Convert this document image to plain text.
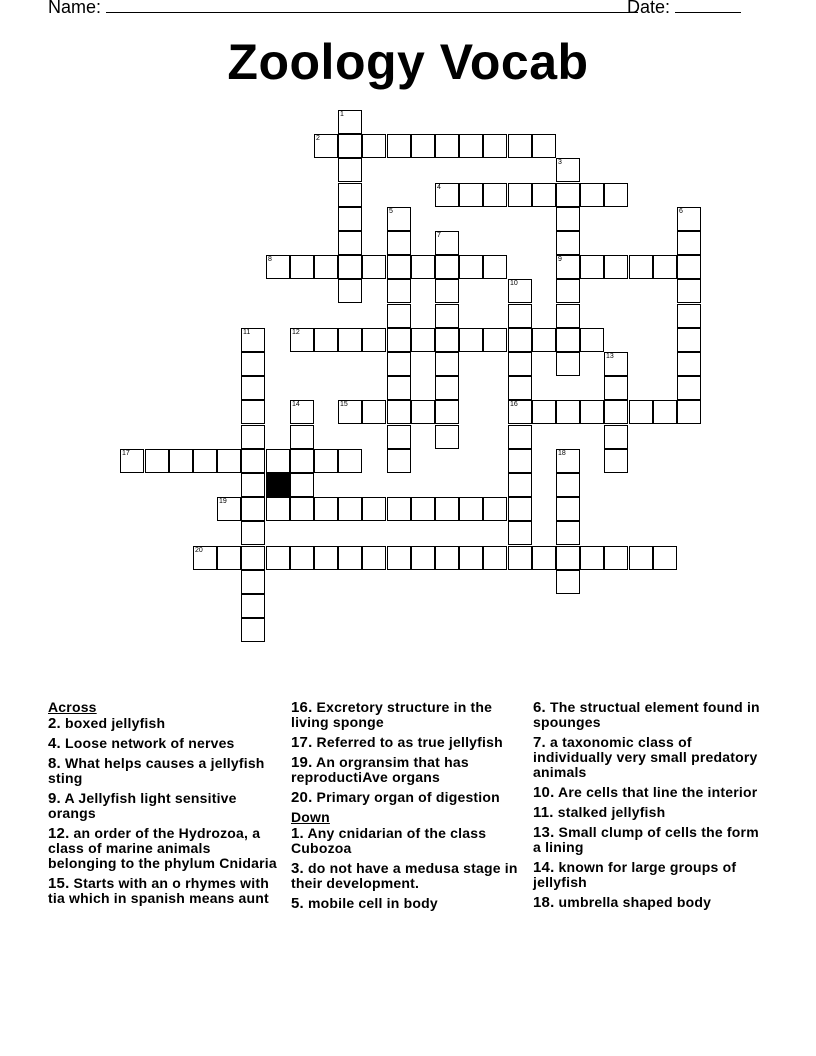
Name:	Date:
Zoology Vocab
2
4
8	9
12
15	16
17
19
20
1
3
5	6
7
10
11
13
14
18
Across
2. boxed jellyfish
4. Loose network of nerves
8. What helps causes a jellyfish sting
9. A Jellyfish light sensitive orangs
12. an order of the Hydrozoa, a class of marine animals belonging to the phylum Cnidaria
15. Starts with an o rhymes with tia which in spanish means aunt
16. Excretory structure in the living sponge
17. Referred to as true jellyfish
19. An orgransim that has reproductiAve organs
20. Primary organ of digestion
Down
1. Any cnidarian of the class Cubozoa
3. do not have a medusa stage in their development.
5. mobile cell in body
6. The structual element found in spounges
7. a taxonomic class of individually very small predatory animals
10. Are cells that line the interior
11. stalked jellyfish
13. Small clump of cells the form a lining
14. known for large groups of jellyfish
18. umbrella shaped body
